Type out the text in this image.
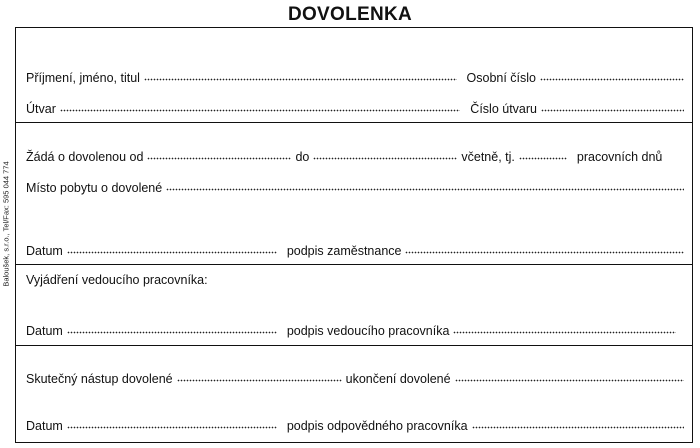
DOVOLENKA
Baloušek, s.r.o., Tel/Fax: 595 044 774
Příjmení, jméno, titul	Osobní číslo
Útvar	Číslo útvaru
Žádá o dovolenou od	do	včetně, tj.	pracovních dnů
Místo pobytu o dovolené
Datum	podpis zaměstnance
Vyjádření vedoucího pracovníka:
Datum	podpis vedoucího pracovníka
Skutečný nástup dovolené	ukončení dovolené
Datum	podpis odpovědného pracovníka
